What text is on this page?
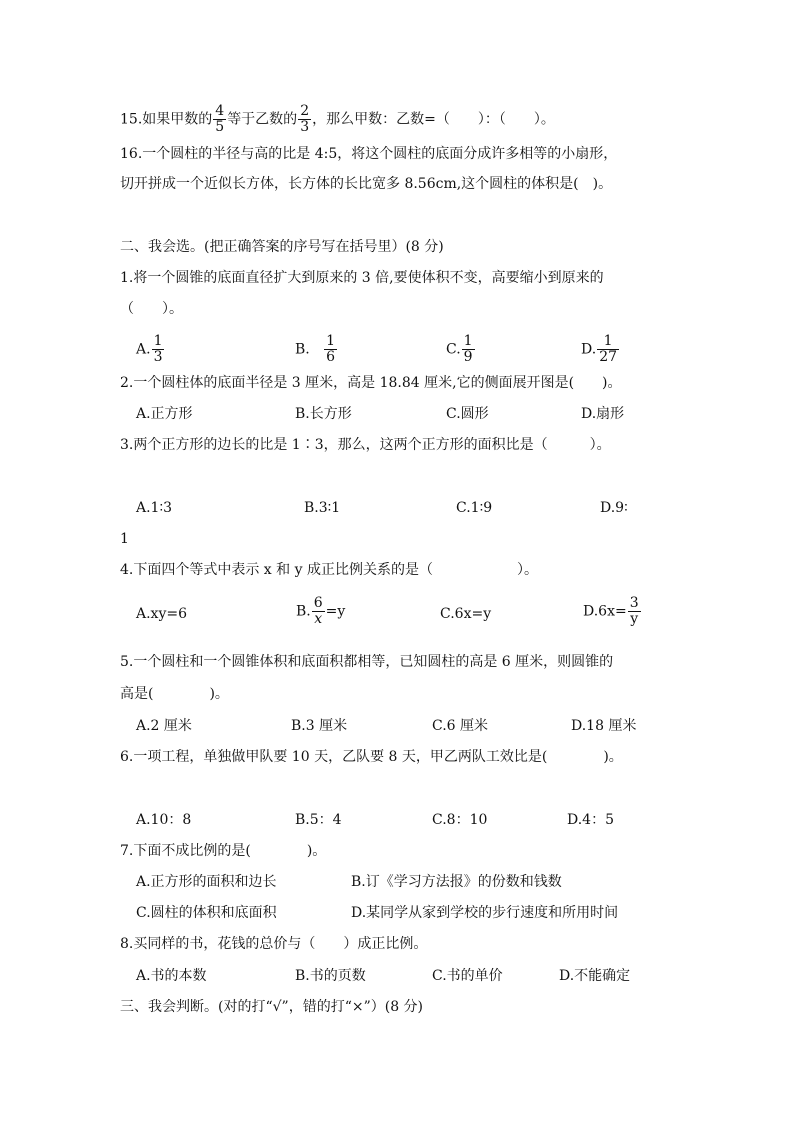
15.如果甲数的 $\frac{4}{5}$ 等于乙数的 $\frac{2}{3}$ ，那么甲数：乙数=（　　）：（　　）。
16.一个圆柱的半径与高的比是 4:5，将这个圆柱的底面分成许多相等的小扇形，
切开拼成一个近似长方体，长方体的长比宽多 8.56cm,这个圆柱的体积是(　)。
二、我会选。(把正确答案的序号写在括号里）(8 分)
1.将一个圆锥的底面直径扩大到原来的 3 倍,要使体积不变，高要缩小到原来的
（　　）。
A. $\frac{1}{3}$	B. $\frac{1}{6}$	C. $\frac{1}{9}$	D. $\frac{1}{27}$
2.一个圆柱体的底面半径是 3 厘米，高是 18.84 厘米,它的侧面展开图是(　　)。
A.正方形	B.长方形	C.圆形	D.扇形
3.两个正方形的边长的比是 1∶3，那么，这两个正方形的面积比是（　　　）。
A.1∶3	B.3∶1	C.1∶9	D.9∶
1
4.下面四个等式中表示 x 和 y 成正比例关系的是（　　　　　　）。
A.xy=6	B. $\frac{6}{x} =y$	C.6x=y	$D.6x= \frac{3}{y}$
5.一个圆柱和一个圆锥体积和底面积都相等，已知圆柱的高是 6 厘米，则圆锥的
高是(　　　　)。
A.2 厘米	B.3 厘米	C.6 厘米	D.18 厘米
6.一项工程，单独做甲队要 10 天，乙队要 8 天，甲乙两队工效比是(　　　　)。
A.10：8	B.5：4	C.8：10	D.4：5
7.下面不成比例的是(　　　　)。
A.正方形的面积和边长	B.订《学习方法报》的份数和钱数
C.圆柱的体积和底面积	D.某同学从家到学校的步行速度和所用时间
8.买同样的书，花钱的总价与（　　）成正比例。
A.书的本数	B.书的页数	C.书的单价	D.不能确定
三、我会判断。(对的打“√”，错的打“×”）(8 分)
